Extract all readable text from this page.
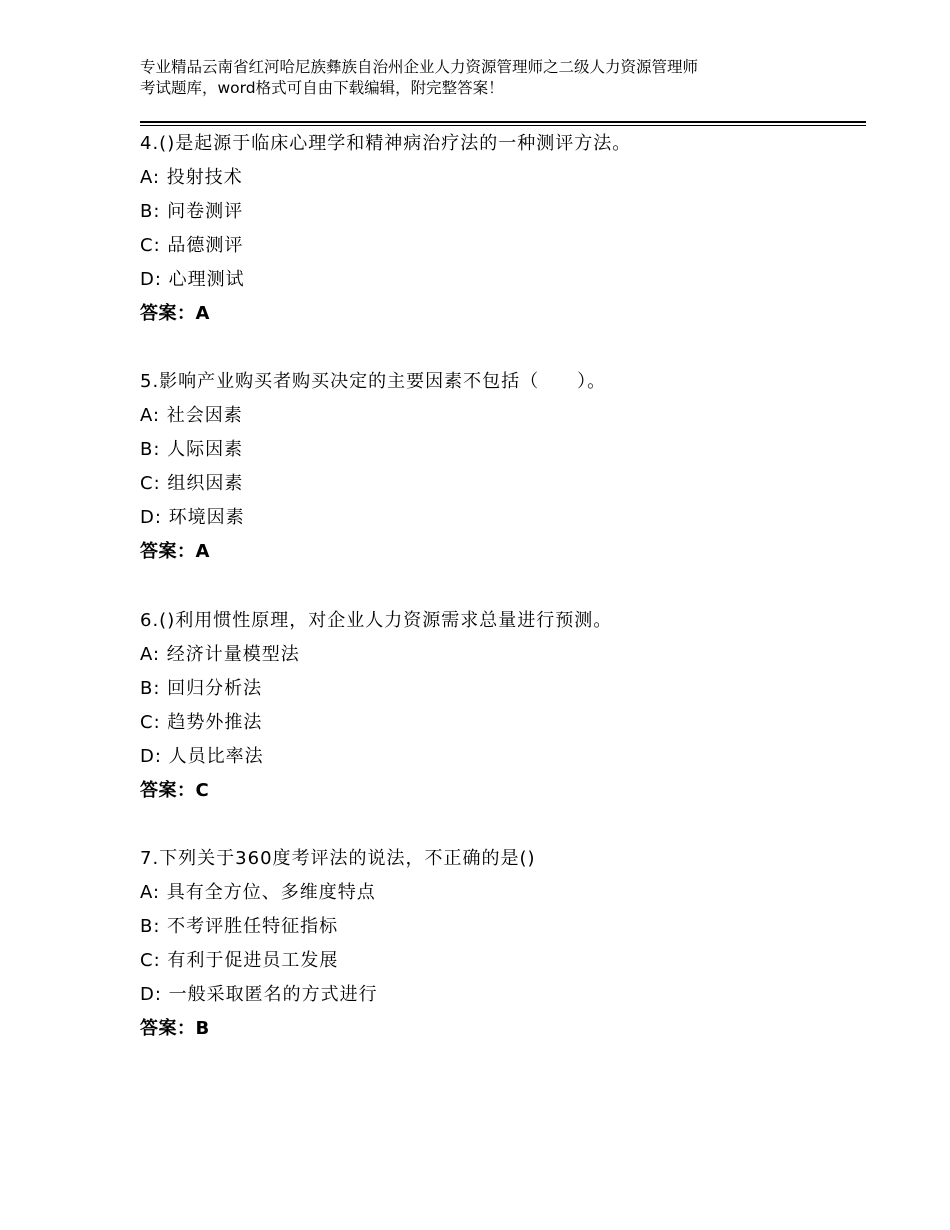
专业精品云南省红河哈尼族彝族自治州企业人力资源管理师之二级人力资源管理师
考试题库，word格式可自由下载编辑，附完整答案！
4.()是起源于临床心理学和精神病治疗法的一种测评方法。
A: 投射技术
B: 问卷测评
C: 品德测评
D: 心理测试
答案：A
5.影响产业购买者购买决定的主要因素不包括（　　）。
A: 社会因素
B: 人际因素
C: 组织因素
D: 环境因素
答案：A
6.()利用惯性原理，对企业人力资源需求总量进行预测。
A: 经济计量模型法
B: 回归分析法
C: 趋势外推法
D: 人员比率法
答案：C
7.下列关于360度考评法的说法，不正确的是()
A: 具有全方位、多维度特点
B: 不考评胜任特征指标
C: 有利于促进员工发展
D: 一般采取匿名的方式进行
答案：B
